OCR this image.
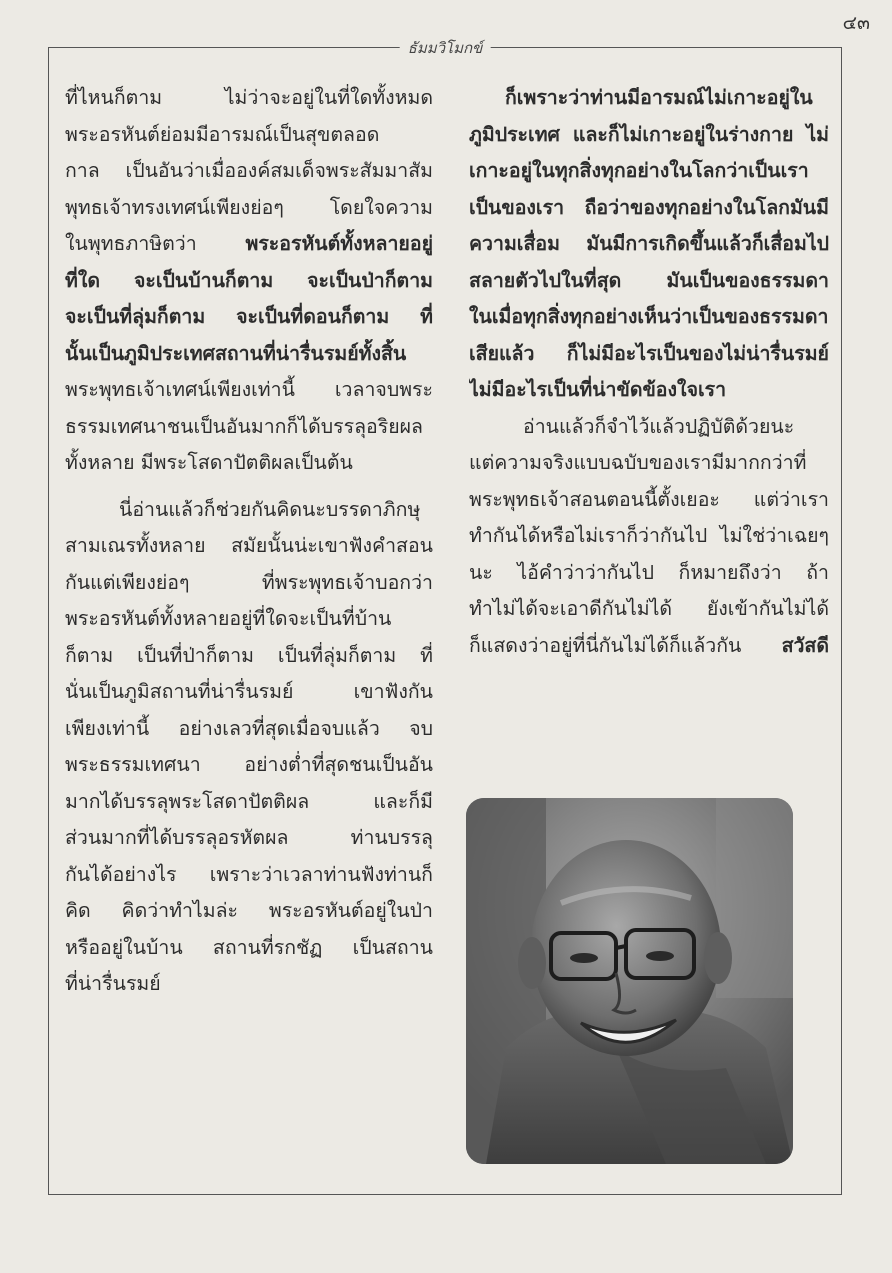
๔๓
ธัมมวิโมกข์
ที่ไหนก็ตาม ไม่ว่าจะอยู่ในที่ใดทั้งหมด
พระอรหันต์ย่อมมีอารมณ์เป็นสุขตลอด
กาล เป็นอันว่าเมื่อองค์สมเด็จพระสัมมาสัม
พุทธเจ้าทรงเทศน์เพียงย่อๆ โดยใจความ
ในพุทธภาษิตว่า พระอรหันต์ทั้งหลายอยู่
ที่ใด จะเป็นบ้านก็ตาม จะเป็นป่าก็ตาม
จะเป็นที่ลุ่มก็ตาม จะเป็นที่ดอนก็ตาม ที่
นั้นเป็นภูมิประเทศสถานที่น่ารื่นรมย์ทั้งสิ้น
พระพุทธเจ้าเทศน์เพียงเท่านี้ เวลาจบพระ
ธรรมเทศนาชนเป็นอันมากก็ได้บรรลุอริยผล
ทั้งหลาย มีพระโสดาปัตติผลเป็นต้น
นี่อ่านแล้วก็ช่วยกันคิดนะบรรดาภิกษุ
สามเณรทั้งหลาย สมัยนั้นน่ะเขาฟังคำสอน
กันแต่เพียงย่อๆ ที่พระพุทธเจ้าบอกว่า
พระอรหันต์ทั้งหลายอยู่ที่ใดจะเป็นที่บ้าน
ก็ตาม เป็นที่ป่าก็ตาม เป็นที่ลุ่มก็ตาม ที่
นั่นเป็นภูมิสถานที่น่ารื่นรมย์ เขาฟังกัน
เพียงเท่านี้ อย่างเลวที่สุดเมื่อจบแล้ว จบ
พระธรรมเทศนา อย่างต่ำที่สุดชนเป็นอัน
มากได้บรรลุพระโสดาปัตติผล และก็มี
ส่วนมากที่ได้บรรลุอรหัตผล ท่านบรรลุ
กันได้อย่างไร เพราะว่าเวลาท่านฟังท่านก็
คิด คิดว่าทำไมล่ะ พระอรหันต์อยู่ในป่า
หรืออยู่ในบ้าน สถานที่รกชัฏ เป็นสถาน
ที่น่ารื่นรมย์
ก็เพราะว่าท่านมีอารมณ์ไม่เกาะอยู่ใน
ภูมิประเทศ และก็ไม่เกาะอยู่ในร่างกาย ไม่
เกาะอยู่ในทุกสิ่งทุกอย่างในโลกว่าเป็นเรา
เป็นของเรา ถือว่าของทุกอย่างในโลกมันมี
ความเสื่อม มันมีการเกิดขึ้นแล้วก็เสื่อมไป
สลายตัวไปในที่สุด มันเป็นของธรรมดา
ในเมื่อทุกสิ่งทุกอย่างเห็นว่าเป็นของธรรมดา
เสียแล้ว ก็ไม่มีอะไรเป็นของไม่น่ารื่นรมย์
ไม่มีอะไรเป็นที่น่าขัดข้องใจเรา
อ่านแล้วก็จำไว้แล้วปฏิบัติด้วยนะ
แต่ความจริงแบบฉบับของเรามีมากกว่าที่
พระพุทธเจ้าสอนตอนนี้ตั้งเยอะ แต่ว่าเรา
ทำกันได้หรือไม่เราก็ว่ากันไป ไม่ใช่ว่าเฉยๆ
นะ ไอ้คำว่าว่ากันไป ก็หมายถึงว่า ถ้า
ทำไม่ได้จะเอาดีกันไม่ได้ ยังเข้ากันไม่ได้
ก็แสดงว่าอยู่ที่นี่กันไม่ได้ก็แล้วกัน สวัสดี
